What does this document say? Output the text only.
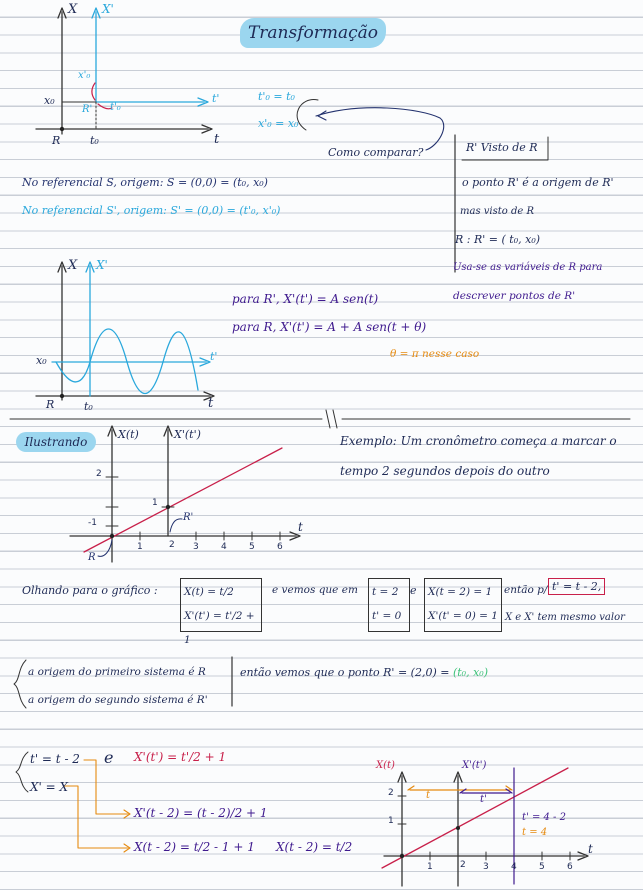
Transformação
X X'
x'₀
x₀
R' t'₀
R	t₀
t'
t
t'₀ = t₀
x'₀ = x₀
Como comparar?	R' Visto de R
o ponto R' é a origem de R'
mas visto de R
R : R' = ( t₀, x₀)
Usa-se as variáveis de R para
descrever pontos de R'
No referencial S, origem: S = (0,0) = (t₀, x₀)
No referencial S', origem: S' = (0,0) = (t'₀, x'₀)
X X'
x₀
R	t₀
t'
t
para R', X'(t') = A sen(t)
para R, X'(t') = A + A sen(t + θ)
θ = π nesse caso
Ilustrando
X(t)	X'(t')
2
1
-1
1	2 3 4 5 6
R
R'
t
Exemplo: Um cronômetro começa a marcar o
tempo 2 segundos depois do outro
Olhando para o gráfico :	X(t) = t/2
X'(t') = t'/2 + 1
e vemos que em t = 2
t' = 0
e X(t = 2) = 1
X'(t' = 0) = 1
então p/ t' = t - 2,
X e X' tem mesmo valor
a origem do primeiro sistema é R
a origem do segundo sistema é R'
então vemos que o ponto R' = (2,0) = (t₀, x₀)
t' = t - 2
X' = X
e X'(t') = t'/2 + 1
X'(t - 2) = (t - 2)/2 + 1
X(t - 2) = t/2 - 1 + 1 X(t - 2) = t/2
X(t)	X'(t')
2
1
1	2 3 4 5 6
t
t	t'
t' = 4 - 2
t = 4
